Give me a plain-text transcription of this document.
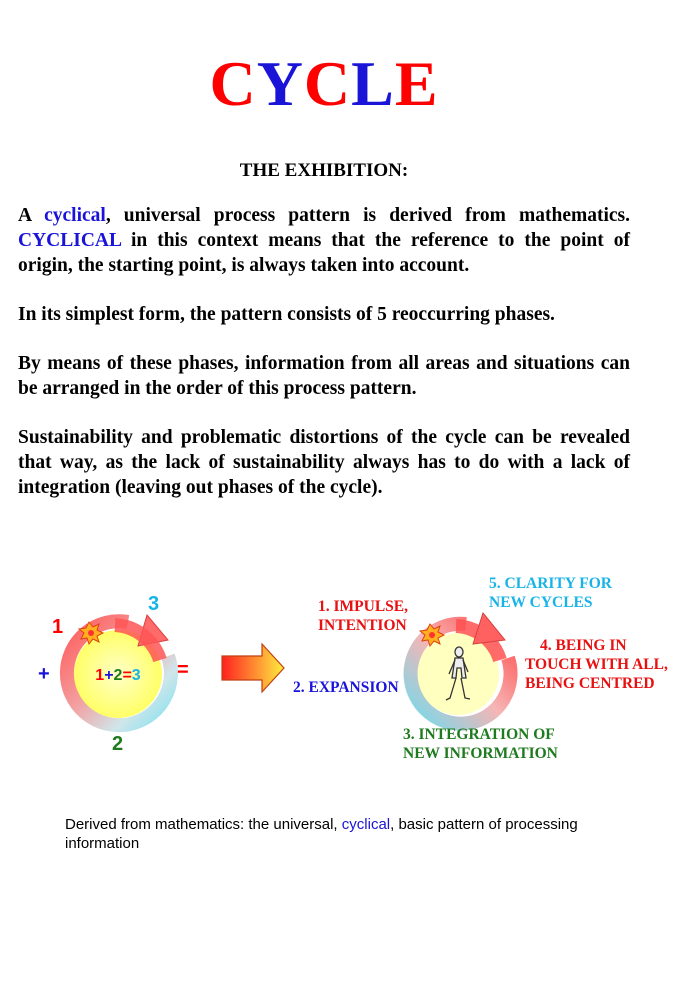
CYCLE
THE EXHIBITION:

A cyclical, universal process pattern is derived from mathematics. CYCLICAL in this context means that the reference to the point of origin, the starting point, is always taken into account.

In its simplest form, the pattern consists of 5 reoccurring phases.

By means of these phases, information from all areas and situations can be arranged in the order of this process pattern.

Sustainability and problematic distortions of the cycle can be revealed that way, as the lack of sustainability always has to do with a lack of integration (leaving out phases of the cycle).

1
3
2
+	=
1+2=3
1. IMPULSE,
INTENTION
2. EXPANSION
3. INTEGRATION OF
NEW INFORMATION
4. BEING IN
TOUCH WITH ALL,
BEING CENTRED
5. CLARITY FOR
NEW CYCLES
Derived from mathematics: the universal, cyclical, basic pattern of processing information
